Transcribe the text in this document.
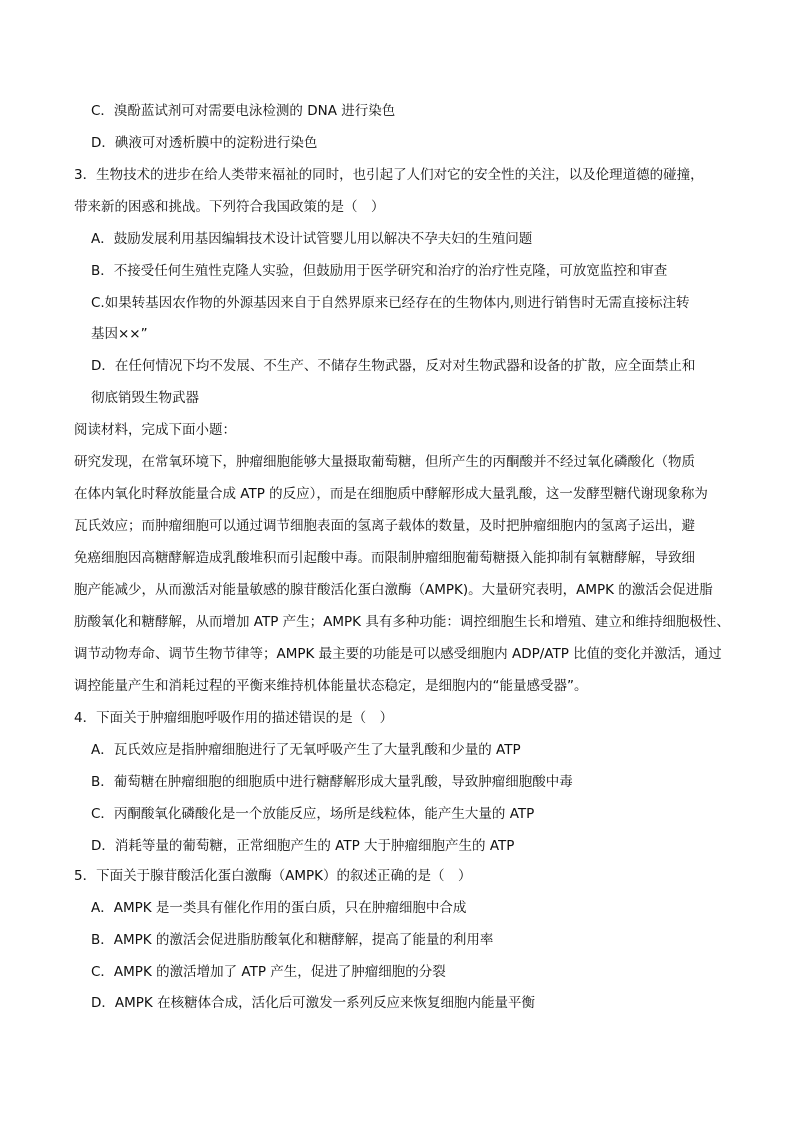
C．溴酚蓝试剂可对需要电泳检测的 DNA 进行染色
D．碘液可对透析膜中的淀粉进行染色
3．生物技术的进步在给人类带来福祉的同时，也引起了人们对它的安全性的关注，以及伦理道德的碰撞，
带来新的困惑和挑战。下列符合我国政策的是（　）
A．鼓励发展利用基因编辑技术设计试管婴儿用以解决不孕夫妇的生殖问题
B．不接受任何生殖性克隆人实验，但鼓励用于医学研究和治疗的治疗性克隆，可放宽监控和审查
C.如果转基因农作物的外源基因来自于自然界原来已经存在的生物体内,则进行销售时无需直接标注转
基因××”
D．在任何情况下均不发展、不生产、不储存生物武器，反对对生物武器和设备的扩散，应全面禁止和
彻底销毁生物武器
阅读材料，完成下面小题：
研究发现，在常氧环境下，肿瘤细胞能够大量摄取葡萄糖，但所产生的丙酮酸并不经过氧化磷酸化（物质
在体内氧化时释放能量合成 ATP 的反应），而是在细胞质中酵解形成大量乳酸，这一发酵型糖代谢现象称为
瓦氏效应；而肿瘤细胞可以通过调节细胞表面的氢离子载体的数量，及时把肿瘤细胞内的氢离子运出，避
免癌细胞因高糖酵解造成乳酸堆积而引起酸中毒。而限制肿瘤细胞葡萄糖摄入能抑制有氧糖酵解，导致细
胞产能减少，从而激活对能量敏感的腺苷酸活化蛋白激酶（AMPK)。大量研究表明，AMPK 的激活会促进脂
肪酸氧化和糖酵解，从而增加 ATP 产生；AMPK 具有多种功能：调控细胞生长和增殖、建立和维持细胞极性、
调节动物寿命、调节生物节律等；AMPK 最主要的功能是可以感受细胞内 ADP/ATP 比值的变化并激活，通过
调控能量产生和消耗过程的平衡来维持机体能量状态稳定，是细胞内的“能量感受器”。
4．下面关于肿瘤细胞呼吸作用的描述错误的是（　）
A．瓦氏效应是指肿瘤细胞进行了无氧呼吸产生了大量乳酸和少量的 ATP
B．葡萄糖在肿瘤细胞的细胞质中进行糖酵解形成大量乳酸，导致肿瘤细胞酸中毒
C．丙酮酸氧化磷酸化是一个放能反应，场所是线粒体，能产生大量的 ATP
D．消耗等量的葡萄糖，正常细胞产生的 ATP 大于肿瘤细胞产生的 ATP
5．下面关于腺苷酸活化蛋白激酶（AMPK）的叙述正确的是（　）
A．AMPK 是一类具有催化作用的蛋白质，只在肿瘤细胞中合成
B．AMPK 的激活会促进脂肪酸氧化和糖酵解，提高了能量的利用率
C．AMPK 的激活增加了 ATP 产生，促进了肿瘤细胞的分裂
D．AMPK 在核糖体合成，活化后可激发一系列反应来恢复细胞内能量平衡
